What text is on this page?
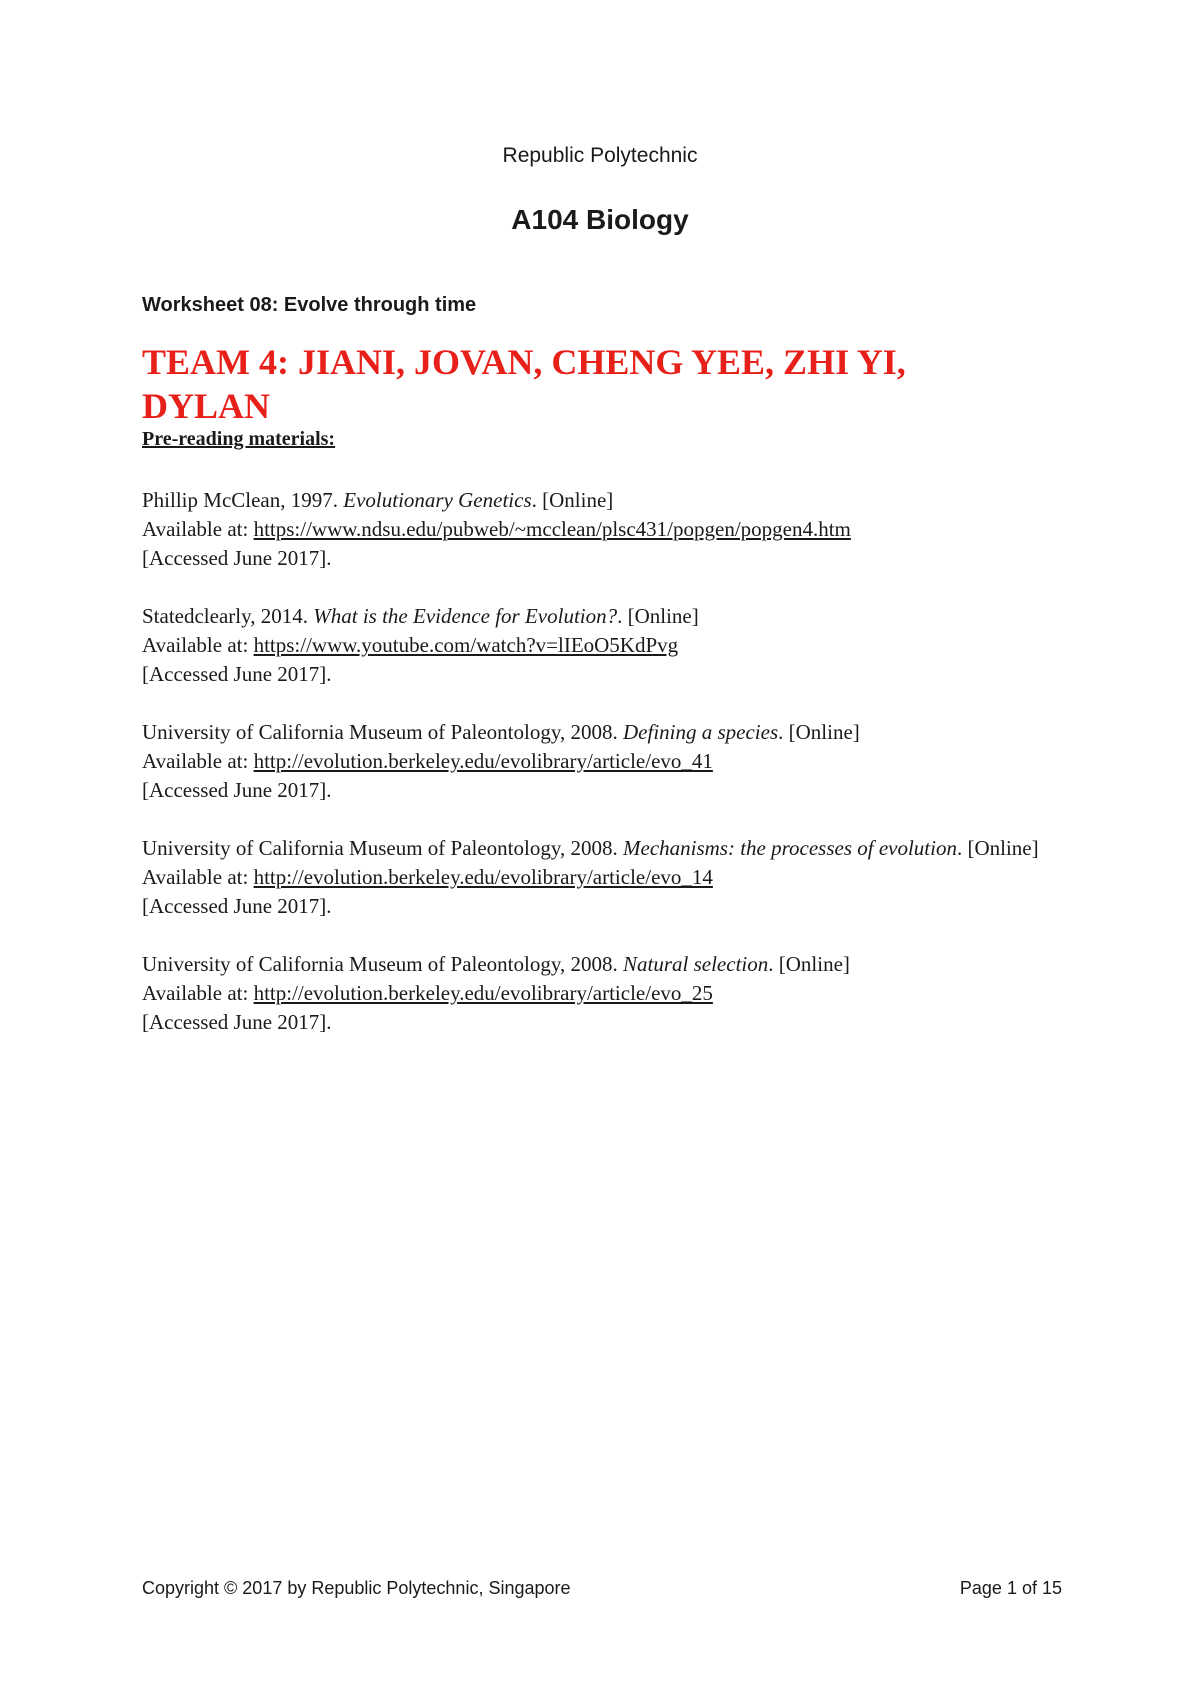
Republic Polytechnic
A104 Biology
Worksheet 08: Evolve through time
TEAM 4: JIANI, JOVAN, CHENG YEE, ZHI YI, DYLAN
Pre-reading materials:
Phillip McClean, 1997. Evolutionary Genetics. [Online]
Available at: https://www.ndsu.edu/pubweb/~mcclean/plsc431/popgen/popgen4.htm
[Accessed June 2017].
Statedclearly, 2014. What is the Evidence for Evolution?. [Online]
Available at: https://www.youtube.com/watch?v=lIEoO5KdPvg
[Accessed June 2017].
University of California Museum of Paleontology, 2008. Defining a species. [Online]
Available at: http://evolution.berkeley.edu/evolibrary/article/evo_41
[Accessed June 2017].
University of California Museum of Paleontology, 2008. Mechanisms: the processes of evolution. [Online]
Available at: http://evolution.berkeley.edu/evolibrary/article/evo_14
[Accessed June 2017].
University of California Museum of Paleontology, 2008. Natural selection. [Online]
Available at: http://evolution.berkeley.edu/evolibrary/article/evo_25
[Accessed June 2017].
Copyright © 2017 by Republic Polytechnic, Singapore	Page 1 of 15
